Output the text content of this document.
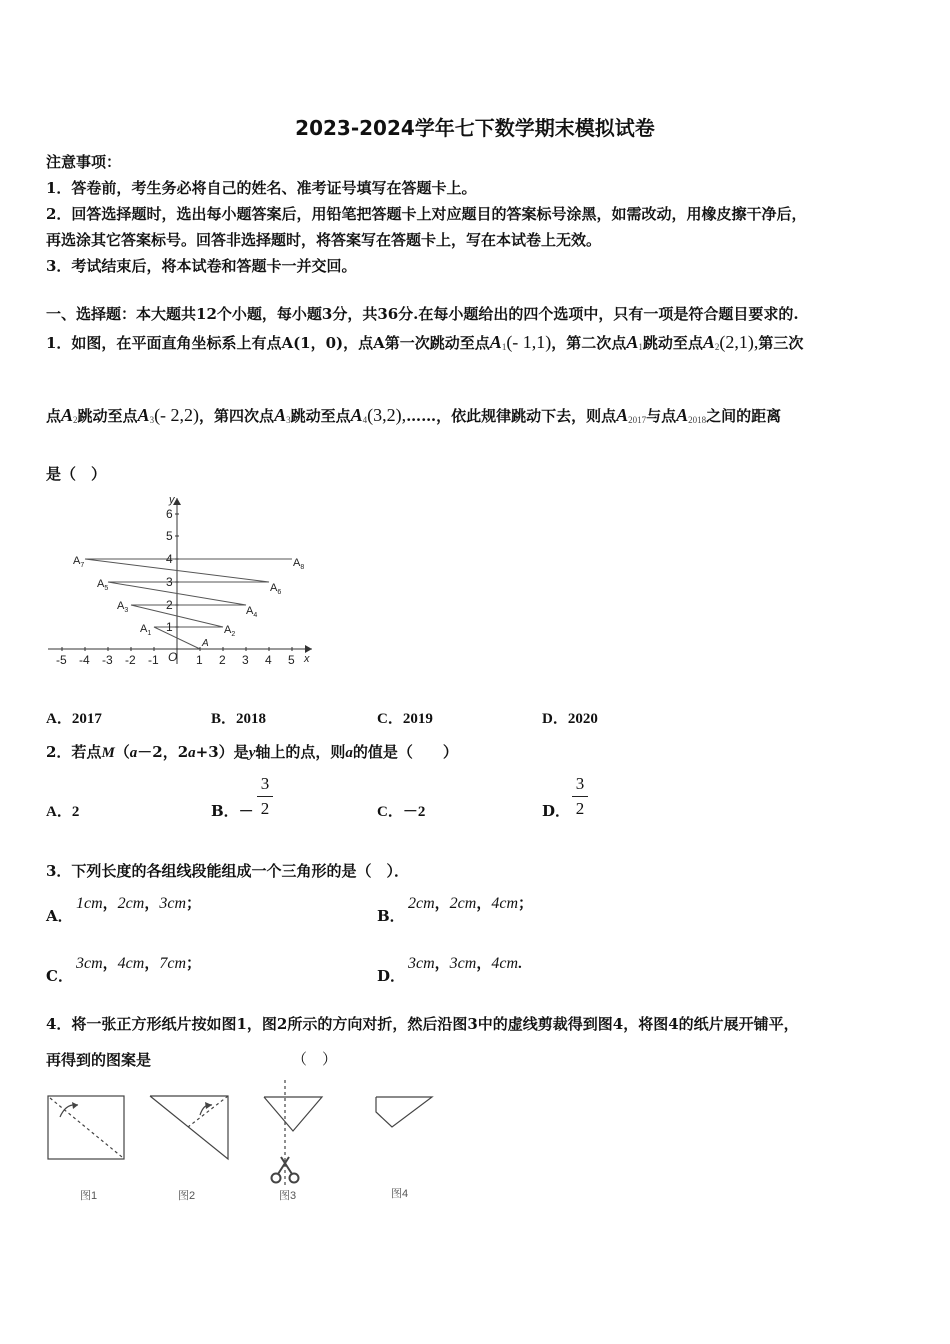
2023-2024学年七下数学期末模拟试卷
注意事项：
1．答卷前，考生务必将自己的姓名、准考证号填写在答题卡上。
2．回答选择题时，选出每小题答案后，用铅笔把答题卡上对应题目的答案标号涂黑，如需改动，用橡皮擦干净后，
再选涂其它答案标号。回答非选择题时，将答案写在答题卡上，写在本试卷上无效。
3．考试结束后，将本试卷和答题卡一并交回。
一、选择题：本大题共12个小题，每小题3分，共36分.在每小题给出的四个选项中，只有一项是符合题目要求的.
1．如图，在平面直角坐标系上有点A(1，0)，点A第一次跳动至点$A_1(-$ 1,1)，第二次点$A_1$跳动至点$A_2(2,1)$,第三次
点$A_2$跳动至点$A_3(-$ 2,2)，第四次点$A_3$跳动至点$A_4(3,2),\dots\dots$，依此规律跳动下去，则点$A_{2017}$与点$A_{2018}$之间的距离
是（　）
-5 -4 -3 -2 -1	1 2 3 4 5
1
2
3
4
5
6
O	x
y
$A_1$	$A_2$
$A_3$	$A_4$
$A_5$	$A_6$
$A_7$	$A_8$
A
A．2017	B．2018	C．2019	D．2020
2．若点M（a－2，2a+3）是y轴上的点，则a的值是（　　）
A．2	B．－
3
2	C．－2	D．
3
2
3．下列长度的各组线段能组成一个三角形的是（　）．
A．
1cm，2cm，3cm；
B．
2cm，2cm，4cm；
C．
3cm，4cm，7cm；
D．
3cm，3cm，4cm.
4．将一张正方形纸片按如图1，图2所示的方向对折，然后沿图3中的虚线剪裁得到图4，将图4的纸片展开铺平，
再得到的图案是	（　）
图1	图2	图3	图4
